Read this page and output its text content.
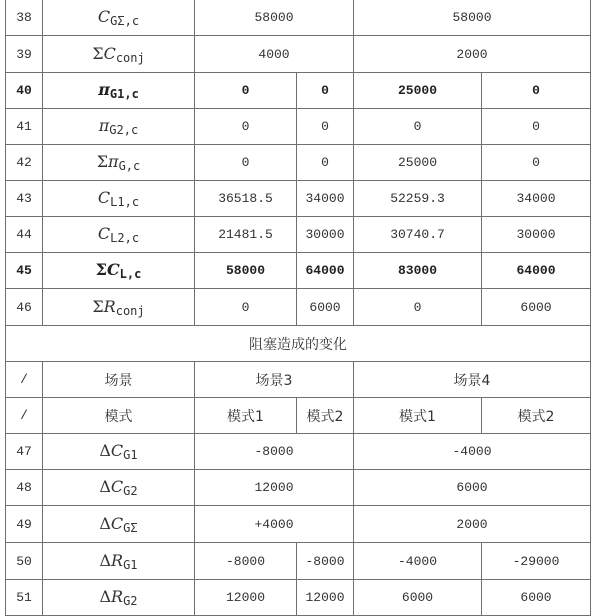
38	$C_{G\Sigma,c}$	58000		58000	
39	$\Sigma C_{conj}$	4000		2000	
40	$\pi_{G1,c}$	0	0	25000	0
41	$\pi_{G2,c}$	0	0	0	0
42	$\Sigma\pi_{G,c}$	0	0	25000	0
43	$C_{L1,c}$	36518.5	34000	52259.3	34000
44	$C_{L2,c}$	21481.5	30000	30740.7	30000
45	$\Sigma C_{L,c}$	58000	64000	83000	64000
46	$\Sigma R_{conj}$	0	6000	0	6000
阻塞造成的变化					
/	场景	场景3		场景4	
/	模式	模式1	模式2	模式1	模式2
47	$\Delta C_{G1}$	-8000		-4000	
48	$\Delta C_{G2}$	12000		6000	
49	$\Delta C_{G\Sigma}$	+4000		2000	
50	$\Delta R_{G1}$	-8000	-8000	-4000	-29000
51	$\Delta R_{G2}$	12000	12000	6000	6000
